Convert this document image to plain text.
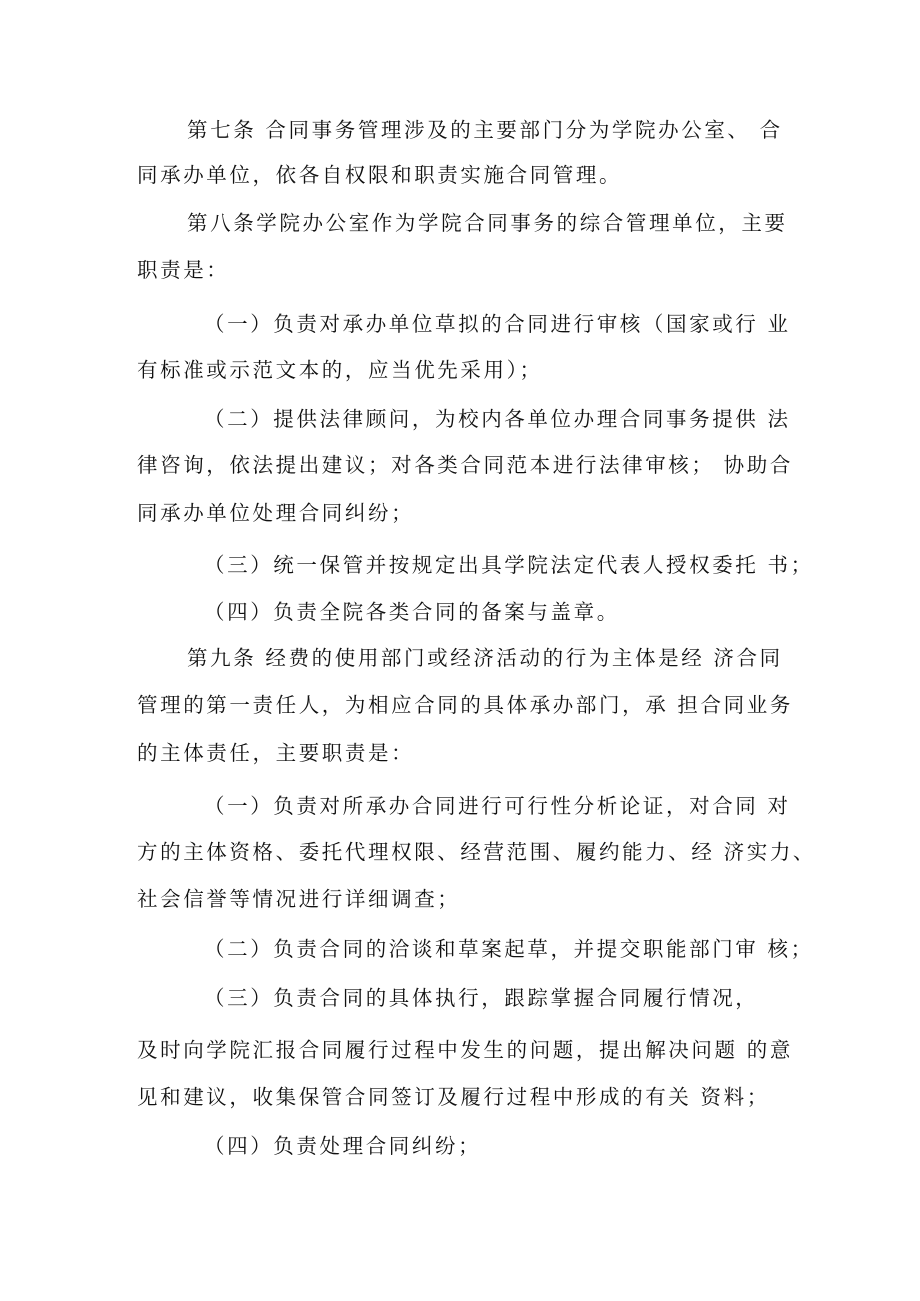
第七条 合同事务管理涉及的主要部门分为学院办公室、 合
同承办单位，依各自权限和职责实施合同管理。
第八条学院办公室作为学院合同事务的综合管理单位，主要
职责是：
（一）负责对承办单位草拟的合同进行审核（国家或行 业
有标准或示范文本的，应当优先采用）；
（二）提供法律顾问，为校内各单位办理合同事务提供 法
律咨询，依法提出建议；对各类合同范本进行法律审核； 协助合
同承办单位处理合同纠纷；
（三）统一保管并按规定出具学院法定代表人授权委托 书；
（四）负责全院各类合同的备案与盖章。
第九条 经费的使用部门或经济活动的行为主体是经 济合同
管理的第一责任人，为相应合同的具体承办部门，承 担合同业务
的主体责任，主要职责是：
（一）负责对所承办合同进行可行性分析论证，对合同 对
方的主体资格、委托代理权限、经营范围、履约能力、经 济实力、
社会信誉等情况进行详细调查；
（二）负责合同的洽谈和草案起草，并提交职能部门审 核；
（三）负责合同的具体执行，跟踪掌握合同履行情况，
及时向学院汇报合同履行过程中发生的问题，提出解决问题 的意
见和建议，收集保管合同签订及履行过程中形成的有关 资料；
（四）负责处理合同纠纷；
